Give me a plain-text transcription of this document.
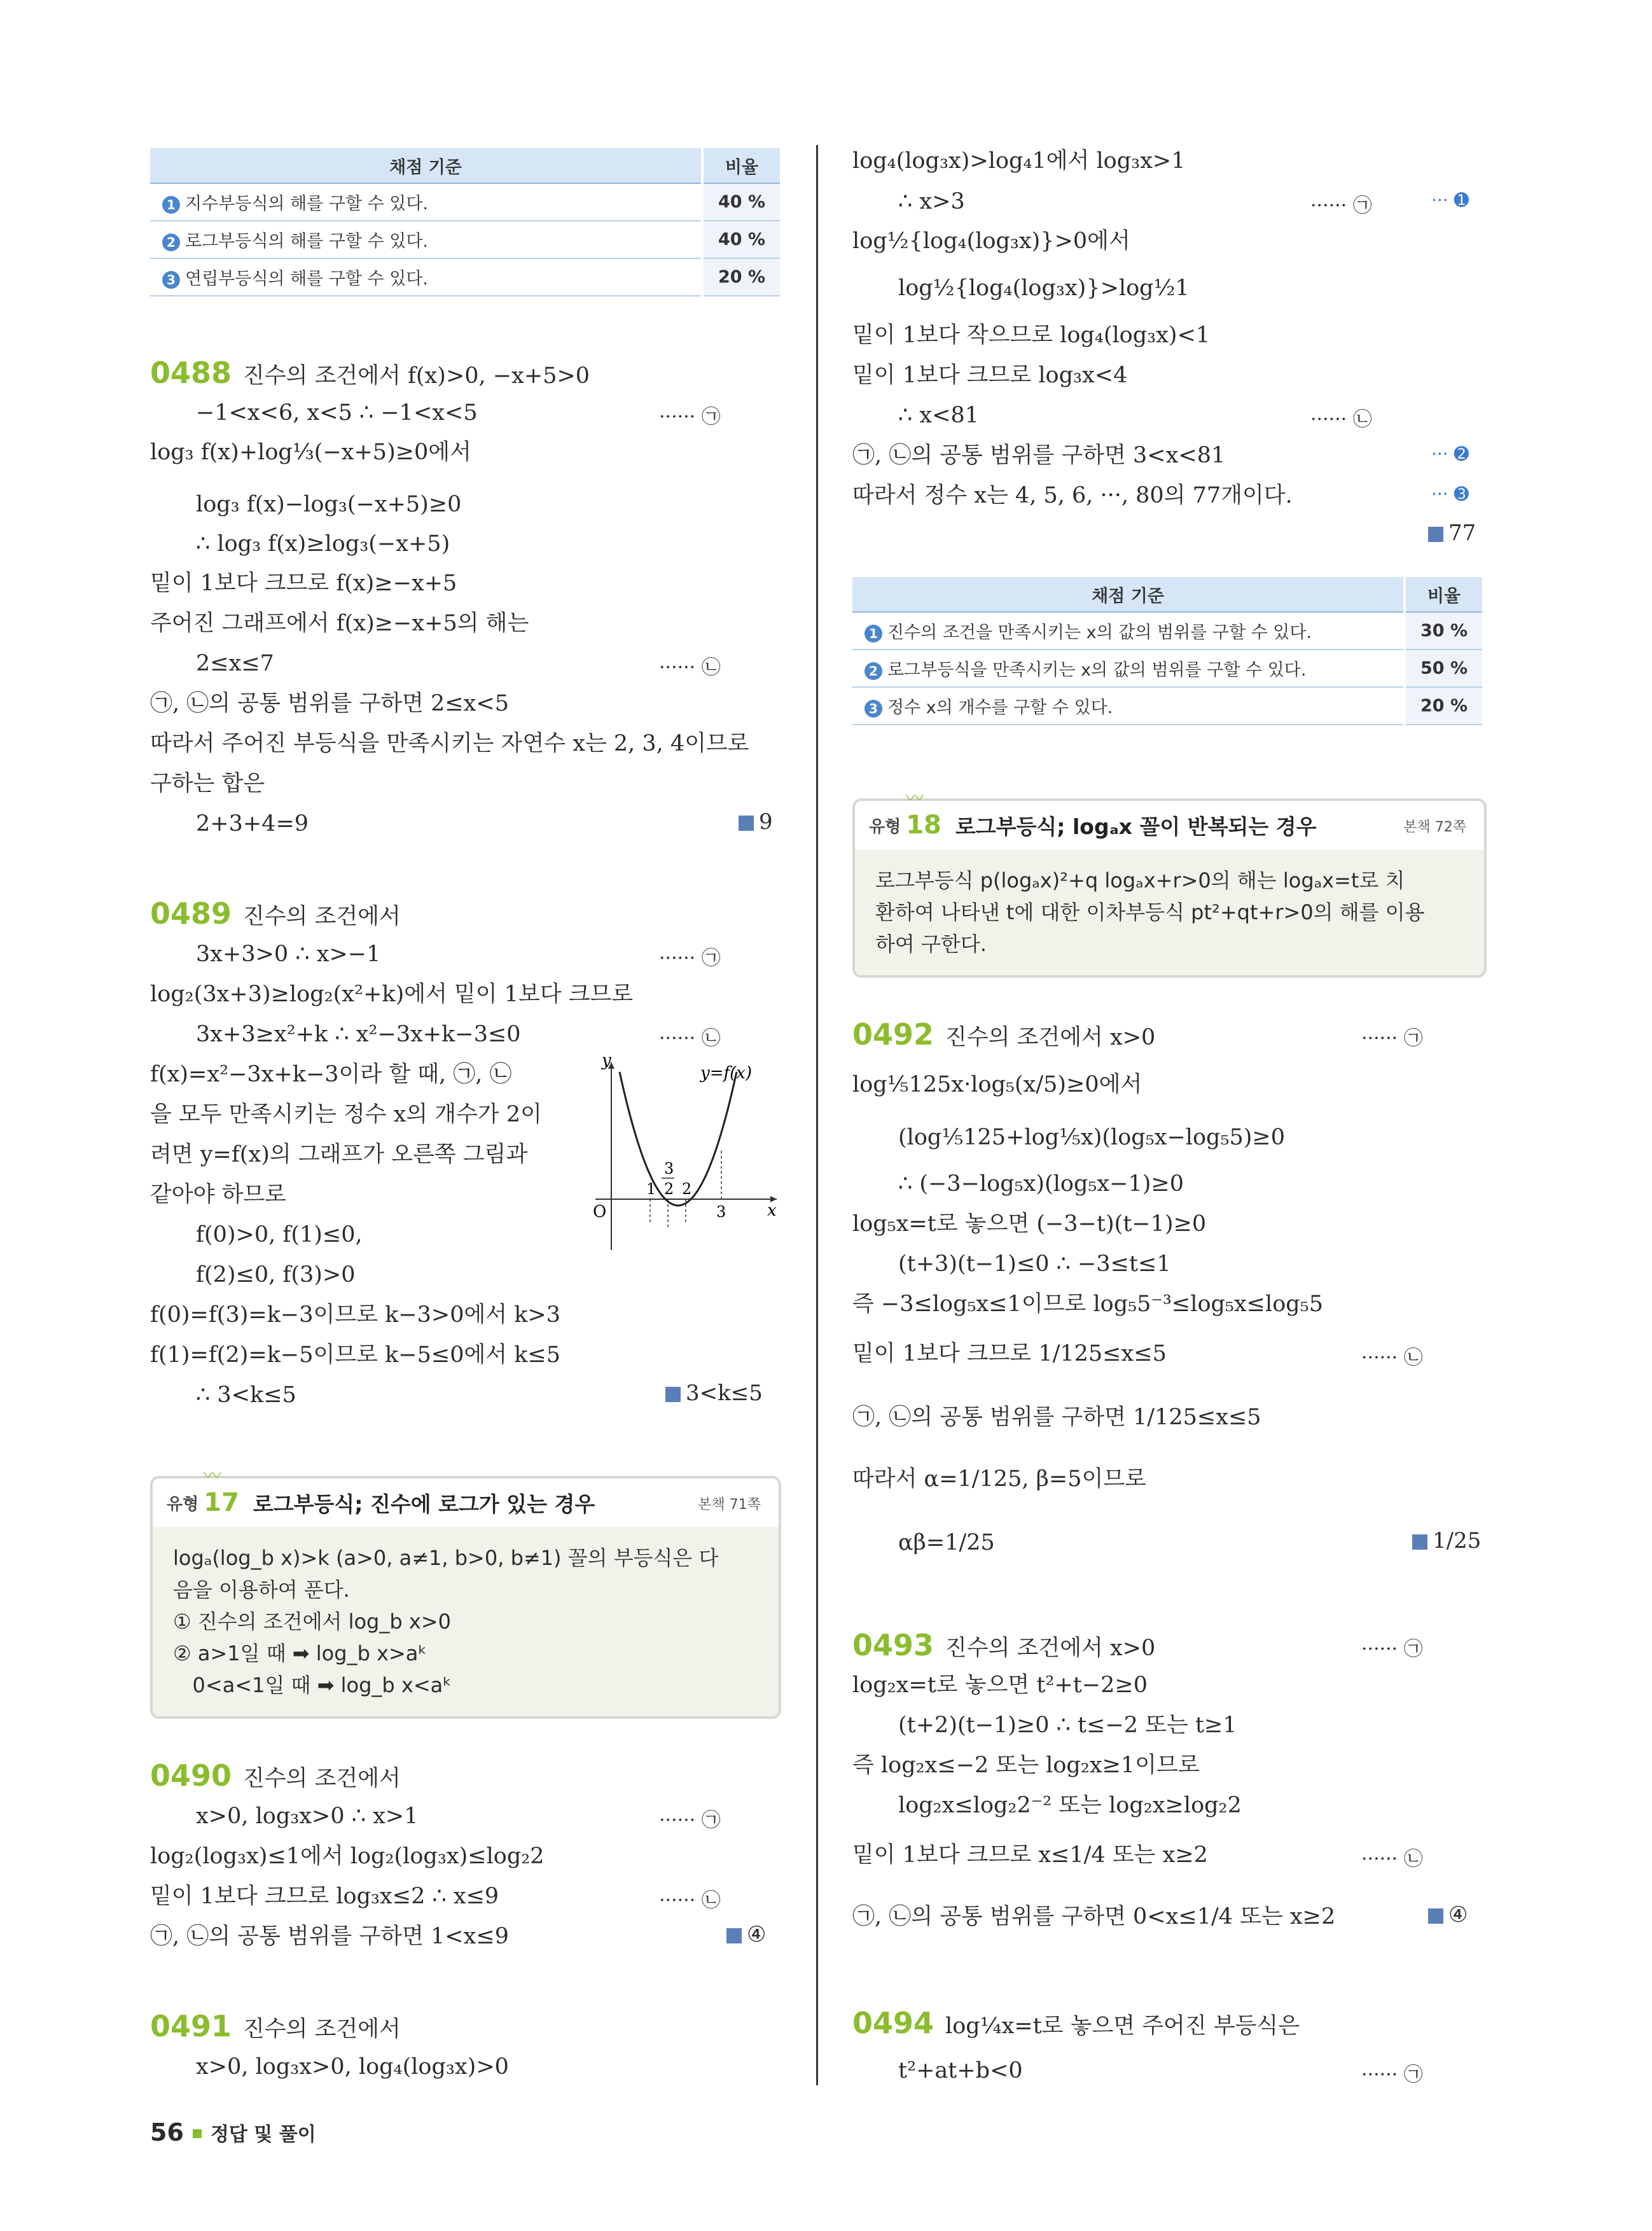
채점 기준	비율
1 지수부등식의 해를 구할 수 있다.	40 %
2 로그부등식의 해를 구할 수 있다.	40 %
3 연립부등식의 해를 구할 수 있다.	20 %
0488 진수의 조건에서 f(x)>0, −x+5>0
−1<x<6, x<5 ∴ −1<x<5	······ ㉠
log₃ f(x)+log⅓(−x+5)≥0에서
log₃ f(x)−log₃(−x+5)≥0
∴ log₃ f(x)≥log₃(−x+5)
밑이 1보다 크므로 f(x)≥−x+5
주어진 그래프에서 f(x)≥−x+5의 해는
2≤x≤7	······ ㉡
㉠, ㉡의 공통 범위를 구하면 2≤x<5
따라서 주어진 부등식을 만족시키는 자연수 x는 2, 3, 4이므로
구하는 합은
2+3+4=9	9
0489 진수의 조건에서
3x+3>0 ∴ x>−1	······ ㉠
log₂(3x+3)≥log₂(x²+k)에서 밑이 1보다 크므로
3x+3≥x²+k ∴ x²−3x+k−3≤0	······ ㉡
f(x)=x²−3x+k−3이라 할 때, ㉠, ㉡
을 모두 만족시키는 정수 x의 개수가 2이
려면 y=f(x)의 그래프가 오른쪽 그림과
같아야 하므로
f(0)>0, f(1)≤0,
f(2)≤0, f(3)>0
f(0)=f(3)=k−3이므로 k−3>0에서 k>3
f(1)=f(2)=k−5이므로 k−5≤0에서 k≤5
∴ 3<k≤5	3<k≤5
y
x
O
y=f(x)
1 2 2
3
3
〰
유형 17 로그부등식; 진수에 로그가 있는 경우	본책 71쪽
logₐ(log_b x)>k (a>0, a≠1, b>0, b≠1) 꼴의 부등식은 다
음을 이용하여 푼다.
① 진수의 조건에서 log_b x>0
② a>1일 때 ➡ log_b x>aᵏ
0<a<1일 때 ➡ log_b x<aᵏ
0490 진수의 조건에서
x>0, log₃x>0 ∴ x>1	······ ㉠
log₂(log₃x)≤1에서 log₂(log₃x)≤log₂2
밑이 1보다 크므로 log₃x≤2 ∴ x≤9	······ ㉡
㉠, ㉡의 공통 범위를 구하면 1<x≤9	④
0491 진수의 조건에서
x>0, log₃x>0, log₄(log₃x)>0
log₄(log₃x)>log₄1에서 log₃x>1
∴ x>3	······ ㉠	··· ➊
log½{log₄(log₃x)}>0에서
log½{log₄(log₃x)}>log½1
밑이 1보다 작으므로 log₄(log₃x)<1
밑이 1보다 크므로 log₃x<4
∴ x<81	······ ㉡
㉠, ㉡의 공통 범위를 구하면 3<x<81	··· ➋
따라서 정수 x는 4, 5, 6, ···, 80의 77개이다.	··· ➌
77
채점 기준	비율
1 진수의 조건을 만족시키는 x의 값의 범위를 구할 수 있다.	30 %
2 로그부등식을 만족시키는 x의 값의 범위를 구할 수 있다.	50 %
3 정수 x의 개수를 구할 수 있다.	20 %
〰
유형 18 로그부등식; logₐx 꼴이 반복되는 경우	본책 72쪽
로그부등식 p(logₐx)²+q logₐx+r>0의 해는 logₐx=t로 치
환하여 나타낸 t에 대한 이차부등식 pt²+qt+r>0의 해를 이용
하여 구한다.
0492 진수의 조건에서 x>0	······ ㉠
log⅕125x·log₅(x/5)≥0에서
(log⅕125+log⅕x)(log₅x−log₅5)≥0
∴ (−3−log₅x)(log₅x−1)≥0
log₅x=t로 놓으면 (−3−t)(t−1)≥0
(t+3)(t−1)≤0 ∴ −3≤t≤1
즉 −3≤log₅x≤1이므로 log₅5⁻³≤log₅x≤log₅5
밑이 1보다 크므로 1/125≤x≤5	······ ㉡
㉠, ㉡의 공통 범위를 구하면 1/125≤x≤5
따라서 α=1/125, β=5이므로
αβ=1/25	1/25
0493 진수의 조건에서 x>0	······ ㉠
log₂x=t로 놓으면 t²+t−2≥0
(t+2)(t−1)≥0 ∴ t≤−2 또는 t≥1
즉 log₂x≤−2 또는 log₂x≥1이므로
log₂x≤log₂2⁻² 또는 log₂x≥log₂2
밑이 1보다 크므로 x≤1/4 또는 x≥2	······ ㉡
㉠, ㉡의 공통 범위를 구하면 0<x≤1/4 또는 x≥2	④
0494 log¼x=t로 놓으면 주어진 부등식은
t²+at+b<0	······ ㉠
56 정답 및 풀이
